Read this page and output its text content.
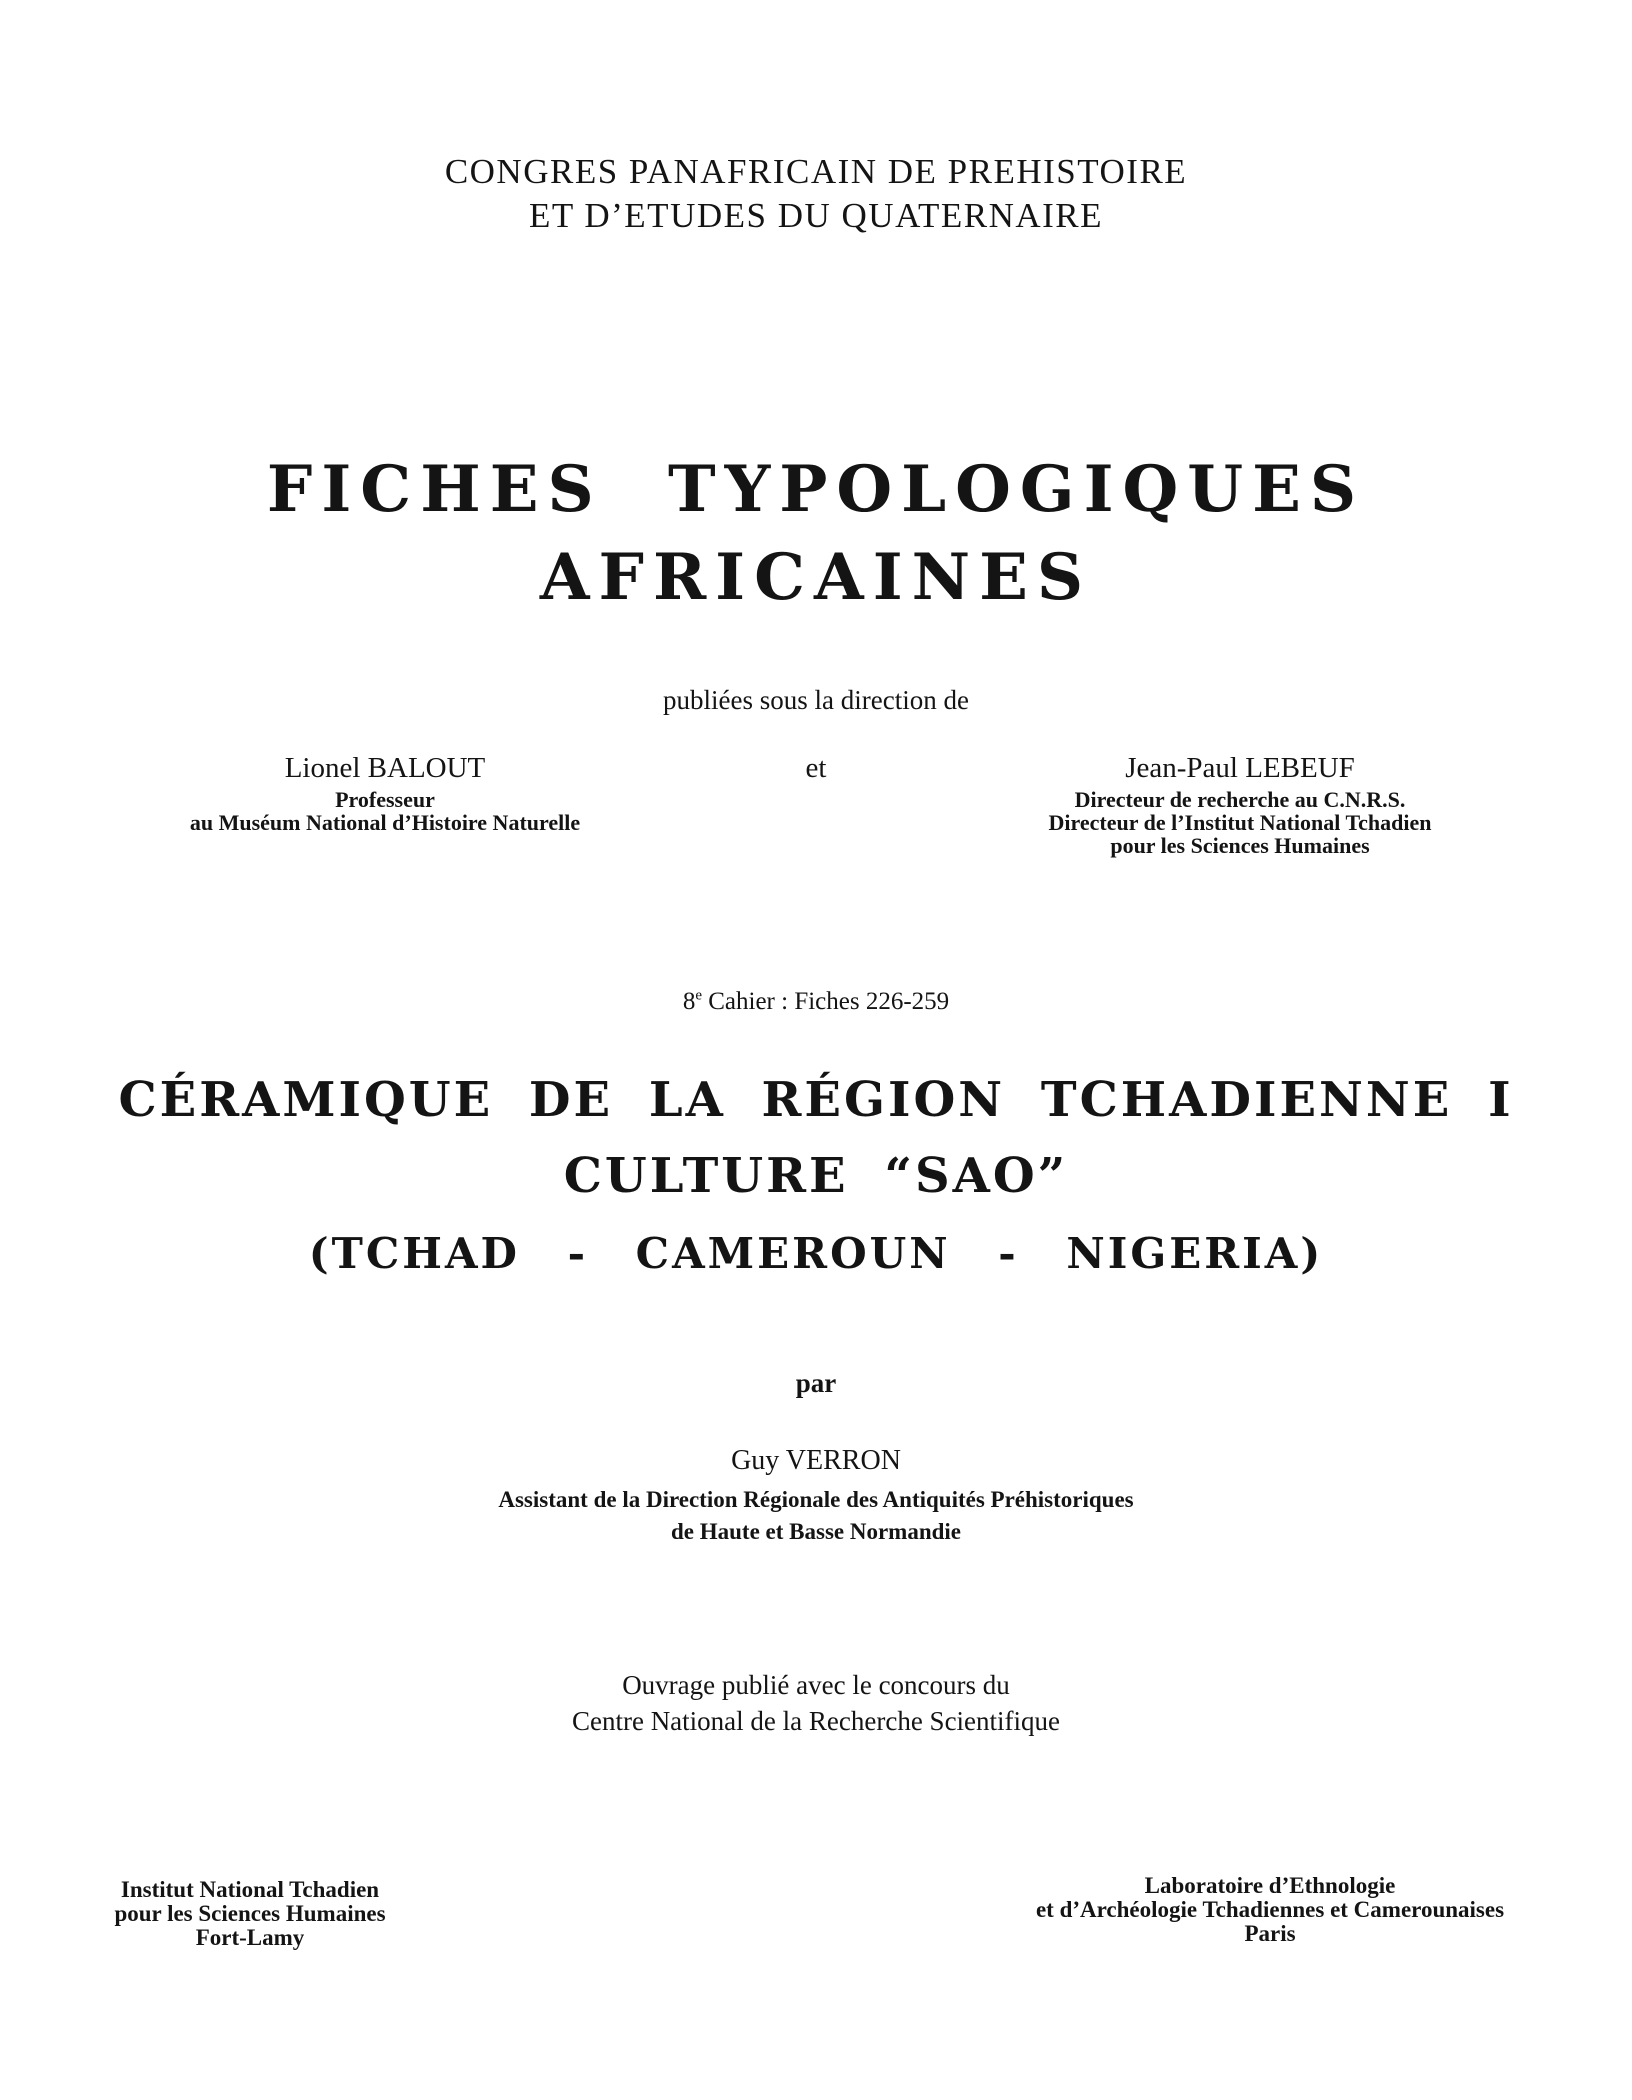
CONGRES PANAFRICAIN DE PREHISTOIRE
ET D’ETUDES DU QUATERNAIRE
FICHES TYPOLOGIQUES
AFRICAINES
publiées sous la direction de
Lionel BALOUT
Professeur
au Muséum National d’Histoire Naturelle
et	Jean-Paul LEBEUF
Directeur de recherche au C.N.R.S.
Directeur de l’Institut National Tchadien
pour les Sciences Humaines
8e Cahier : Fiches 226-259
CÉRAMIQUE DE LA RÉGION TCHADIENNE I
CULTURE “SAO”
(TCHAD - CAMEROUN - NIGERIA)
par
Guy VERRON
Assistant de la Direction Régionale des Antiquités Préhistoriques
de Haute et Basse Normandie
Ouvrage publié avec le concours du
Centre National de la Recherche Scientifique
Institut National Tchadien
pour les Sciences Humaines
Fort-Lamy
Laboratoire d’Ethnologie
et d’Archéologie Tchadiennes et Camerounaises
Paris
